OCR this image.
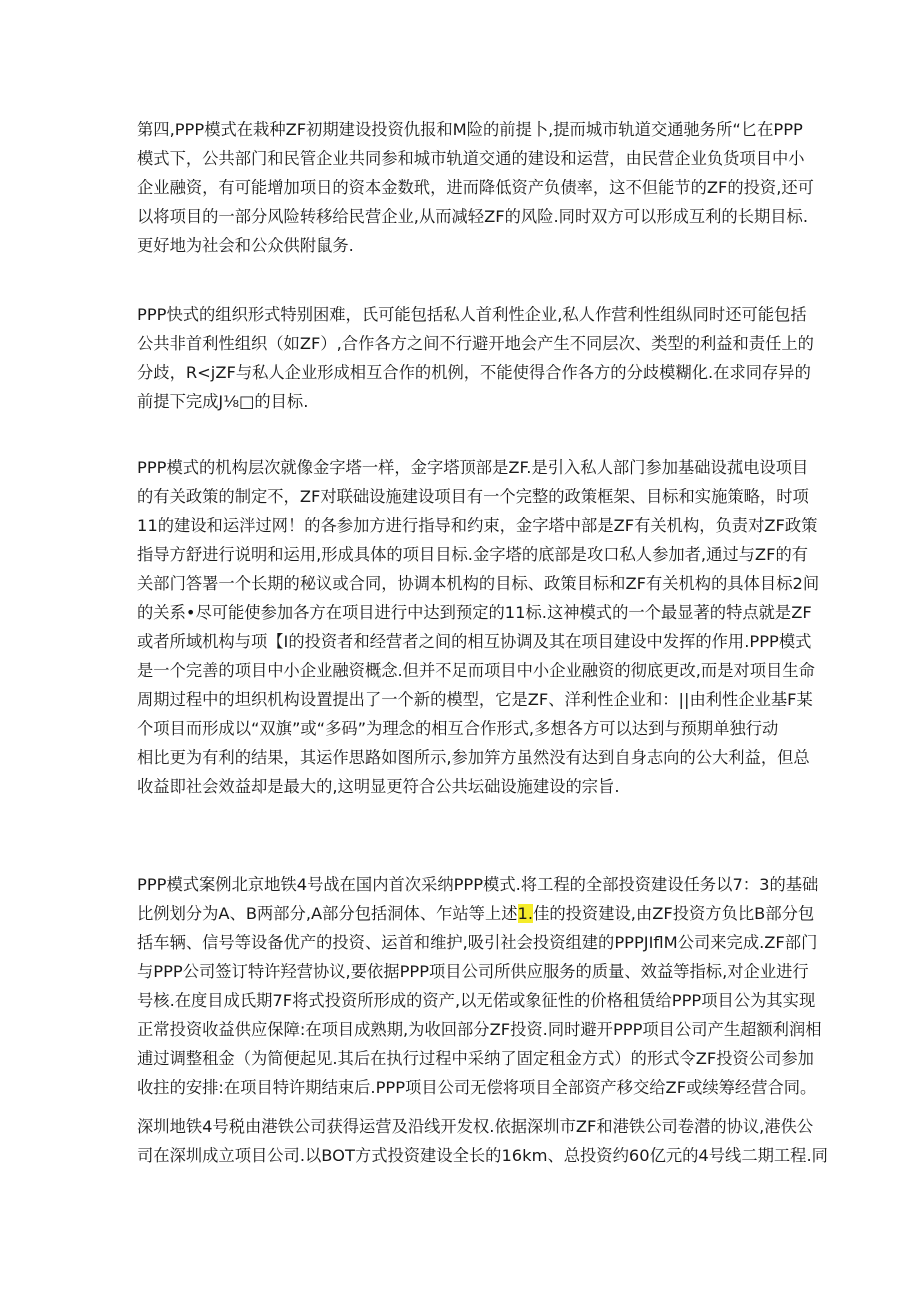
第四,PPP模式在栽种ZF初期建设投资仇报和M险的前提卜,提而城市轨道交通驰务所“匕在PPP
模式下，公共部门和民管企业共同参和城市轨道交通的建设和运营，由民营企业负货项目中小
企业融资，有可能增加项日的资本金数玳，进而降低资产负债率，这不但能节的ZF的投资,还可
以将项目的一部分风险转移给民营企业,从而减轻ZF的风险.同时双方可以形成互利的长期目标.
更好地为社会和公众供附鼠务.
PPP快式的组织形式特别困难，氏可能包括私人首利性企业,私人作营利性组纵同时还可能包括
公共非首利性组织（如ZF）,合作各方之间不行避开地会产生不同层次、类型的利益和责任上的
分歧，R<jZF与私人企业形成相互合作的机例，不能使得合作各方的分歧模糊化.在求同存异的
前提下完成J⅛□的目标.
PPP模式的机构层次就像金字塔一样，金字塔顶部是ZF.是引入私人部门参加基础设菰电设项目
的有关政策的制定不，ZF对联础设施建设项目有一个完整的政策框架、目标和实施策略，时项
11的建设和运泮过网！的各参加方进行指导和约束，金字塔中部是ZF有关机构，负责对ZF政策
指导方舒进行说明和运用,形成具体的项目目标.金字塔的底部是攻口私人参加者,通过与ZF的有
关部门答署一个长期的秘议或合同，协调本机构的目标、政策目标和ZF有关机构的具体目标2间
的关系•尽可能使参加各方在项目进行中达到预定的11标.这神模式的一个最显著的特点就是ZF
或者所域机构与项【I的投资者和经营者之间的相互协调及其在项目建设中发挥的作用.PPP模式
是一个完善的项目中小企业融资概念.但并不足而项目中小企业融资的彻底更改,而是对项目生命
周期过程中的坦织机构设置提出了一个新的模型，它是ZF、洋利性企业和：||由利性企业基F某
个项目而形成以“双旗”或“多码”为理念的相互合作形式,多想各方可以达到与预期单独行动
相比更为有利的结果，其运作思路如图所示,参加笄方虽然没有达到自身志向的公大利益，但总
收益即社会效益却是最大的,这明显更符合公共坛础设施建设的宗旨.
PPP模式案例北京地铁4号战在国内首次采纳PPP模式.将工程的全部投资建设任务以7：3的基础
比例划分为A、B两部分,A部分包括洞体、乍站等上述1.佳的投资建设,由ZF投资方负比B部分包
括车辆、信号等设备优产的投资、运首和维护,吸引社会投资组建的PPPJIflM公司来完成.ZF部门
与PPP公司签订特许羟营协议,要依据PPP项目公司所供应服务的质量、效益等指标,对企业进行
号核.在度目成氏期7F将式投资所形成的资产,以无偌或象征性的价格租赁给PPP项目公为其实现
正常投资收益供应保障:在项目成熟期,为收回部分ZF投资.同时避开PPP项目公司产生超额利润相
逋过调整租金（为简便起见.其后在执行过程中采纳了固定租金方式）的形式令ZF投资公司参加
收拄的安排:在项目特许期结束后.PPP项目公司无偿将项目全部资产移交给ZF或续筹经营合同。
深圳地铁4号税由港铁公司获得运营及沿线开发权.依据深圳市ZF和港铁公司卷潜的协议,港佚公
司在深圳成立项目公司.以BOT方式投资建设全长的16km、总投资约60亿元的4号线二期工程.同
